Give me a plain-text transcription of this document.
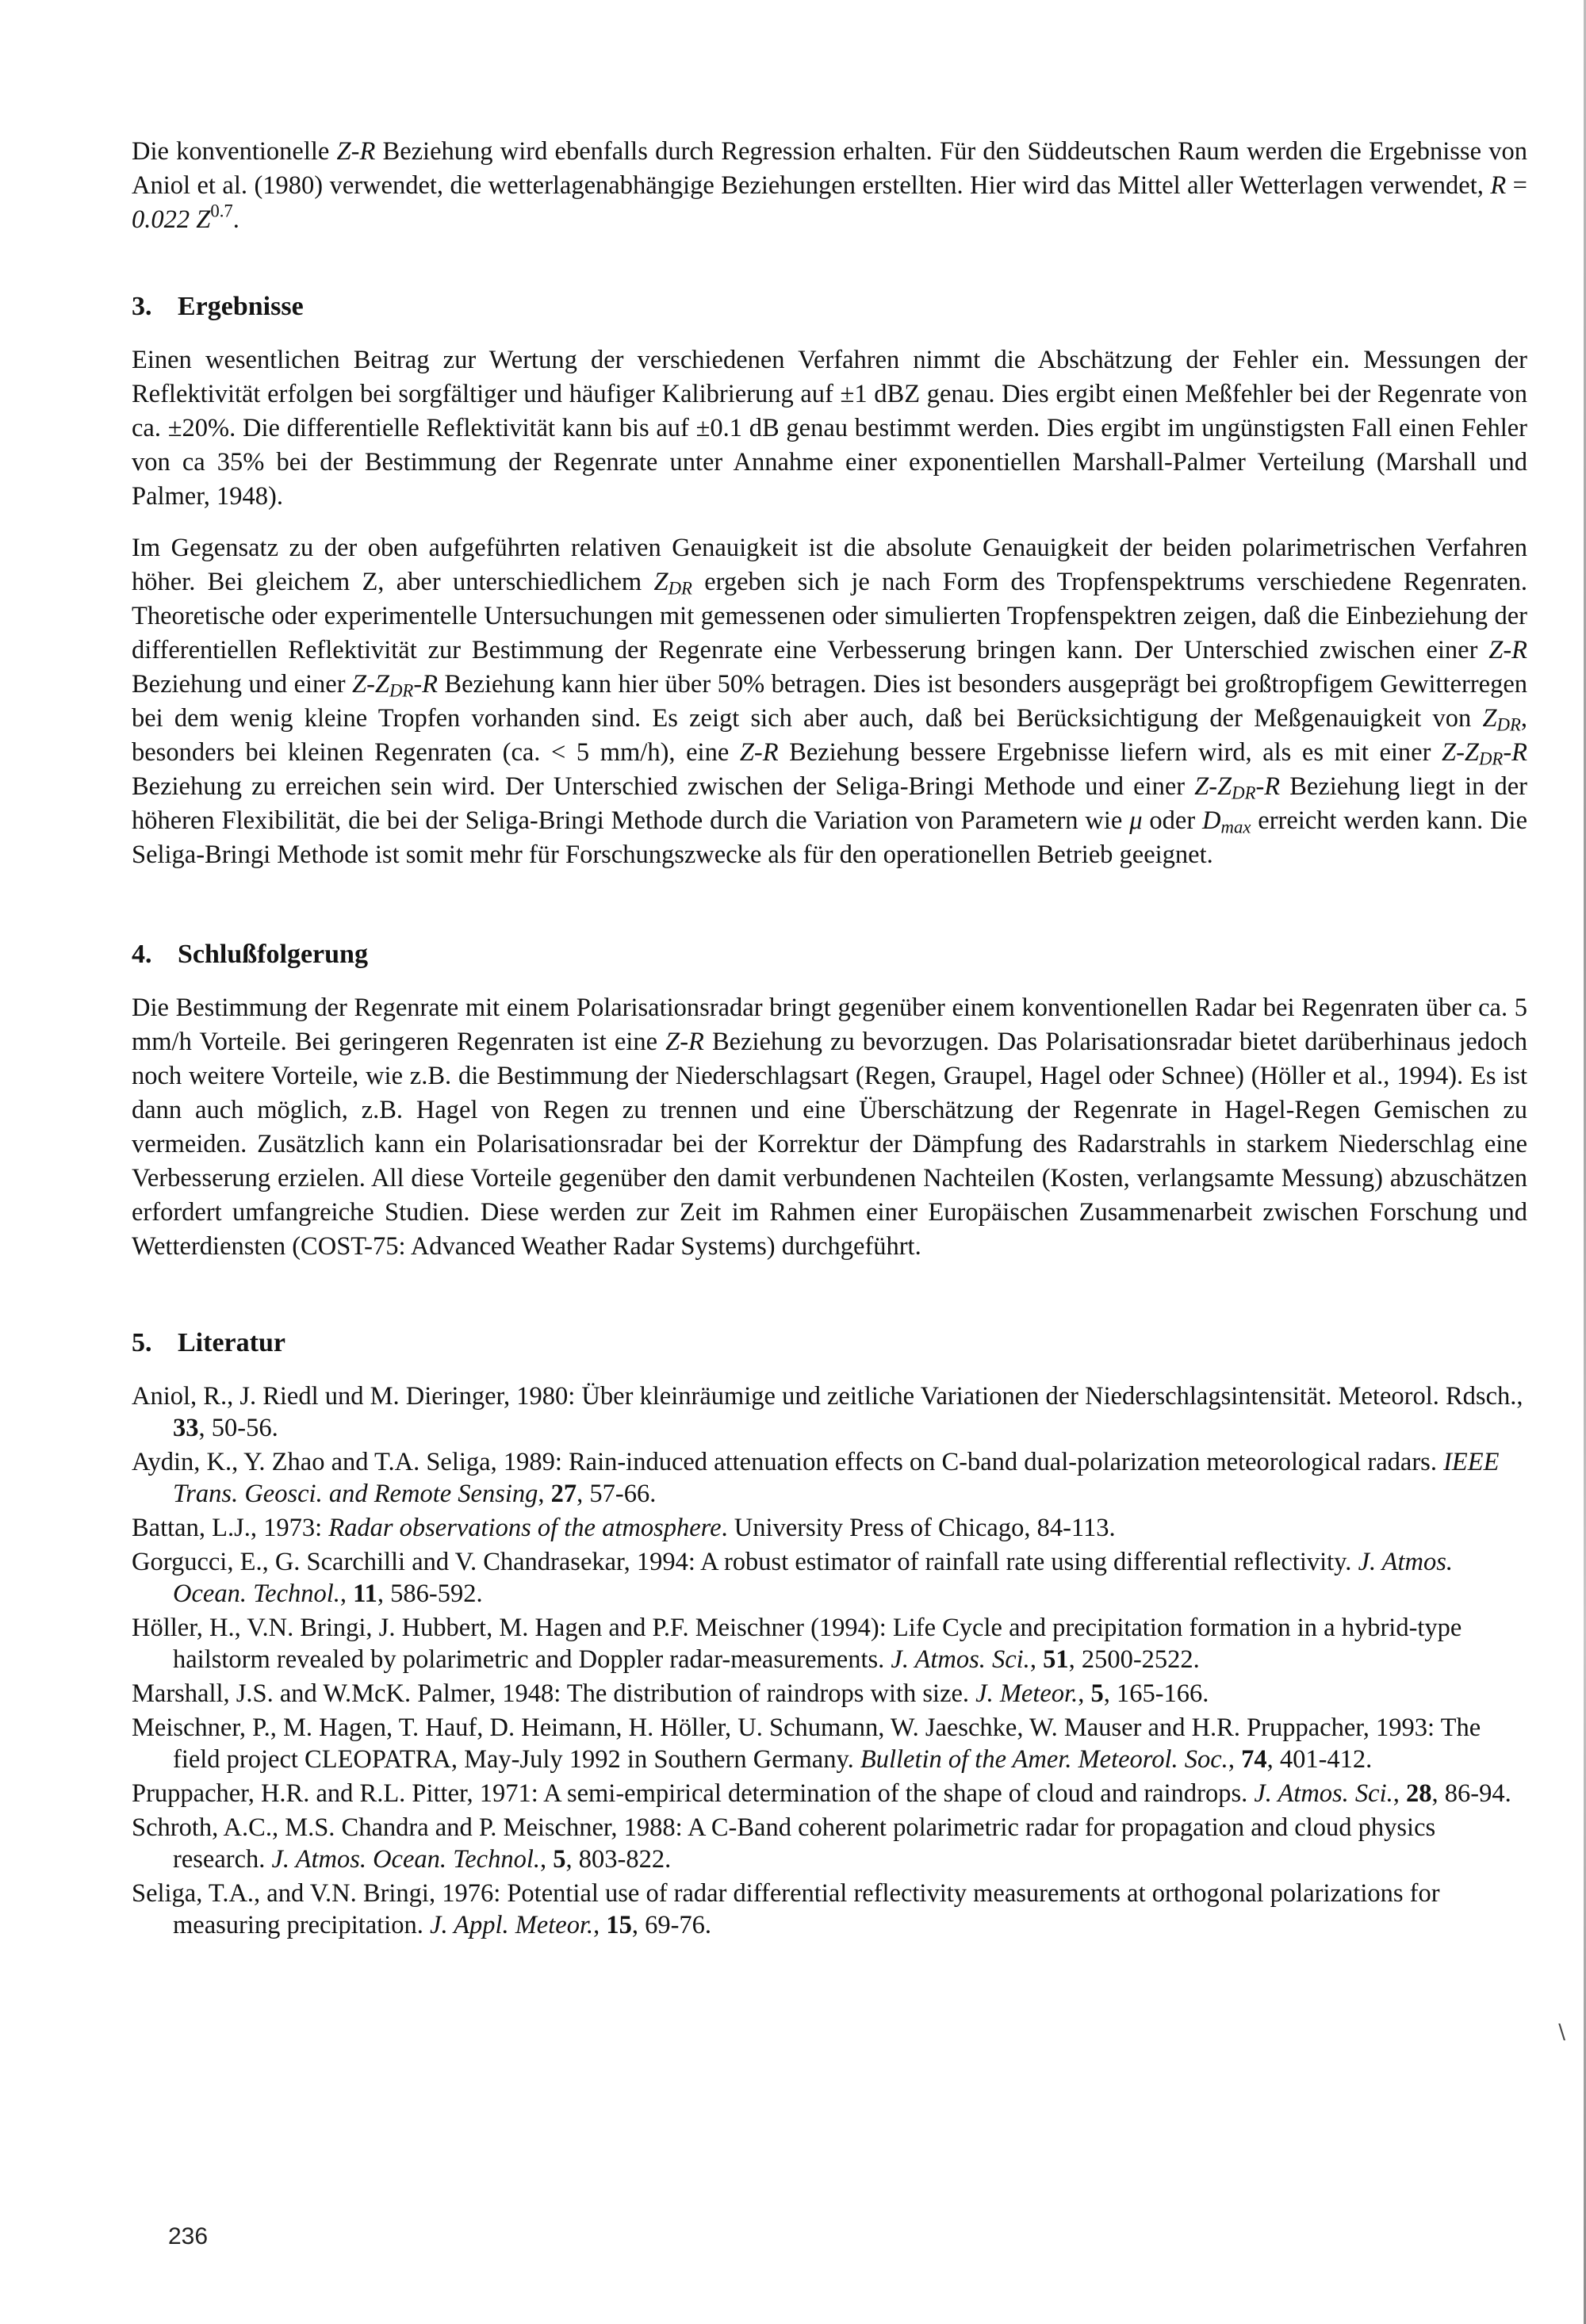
Die konventionelle Z-R Beziehung wird ebenfalls durch Regression erhalten. Für den Süddeutschen Raum werden die Ergebnisse von Aniol et al. (1980) verwendet, die wetterlagenabhängige Beziehungen erstellten. Hier wird das Mittel aller Wetterlagen verwendet, R = 0.022 $Z^{0.7}$.

3. Ergebnisse

Einen wesentlichen Beitrag zur Wertung der verschiedenen Verfahren nimmt die Abschätzung der Fehler ein. Messungen der Reflektivität erfolgen bei sorgfältiger und häufiger Kalibrierung auf ±1 dBZ genau. Dies ergibt einen Meßfehler bei der Regenrate von ca. ±20%. Die differentielle Reflektivität kann bis auf ±0.1 dB genau bestimmt werden. Dies ergibt im ungünstigsten Fall einen Fehler von ca 35% bei der Bestimmung der Regenrate unter Annahme einer exponentiellen Marshall-Palmer Verteilung (Marshall und Palmer, 1948).

Im Gegensatz zu der oben aufgeführten relativen Genauigkeit ist die absolute Genauigkeit der beiden polarimetrischen Verfahren höher. Bei gleichem Z, aber unterschiedlichem $Z_{DR}$ ergeben sich je nach Form des Tropfenspektrums verschiedene Regenraten. Theoretische oder experimentelle Untersuchungen mit gemessenen oder simulierten Tropfenspektren zeigen, daß die Einbeziehung der differentiellen Reflektivität zur Bestimmung der Regenrate eine Verbesserung bringen kann. Der Unterschied zwischen einer Z-R Beziehung und einer $Z-Z_{DR}-R$ Beziehung kann hier über 50% betragen. Dies ist besonders ausgeprägt bei großtropfigem Gewitterregen bei dem wenig kleine Tropfen vorhanden sind. Es zeigt sich aber auch, daß bei Berücksichtigung der Meßgenauigkeit von $Z_{DR}$, besonders bei kleinen Regenraten (ca. < 5 mm/h), eine Z-R Beziehung bessere Ergebnisse liefern wird, als es mit einer $Z-Z_{DR}-R$ Beziehung zu erreichen sein wird. Der Unterschied zwischen der Seliga-Bringi Methode und einer $Z-Z_{DR}-R$ Beziehung liegt in der höheren Flexibilität, die bei der Seliga-Bringi Methode durch die Variation von Parametern wie μ oder $D_{max}$ erreicht werden kann. Die Seliga-Bringi Methode ist somit mehr für Forschungszwecke als für den operationellen Betrieb geeignet.

4. Schlußfolgerung

Die Bestimmung der Regenrate mit einem Polarisationsradar bringt gegenüber einem konventionellen Radar bei Regenraten über ca. 5 mm/h Vorteile. Bei geringeren Regenraten ist eine Z-R Beziehung zu bevorzugen. Das Polarisationsradar bietet darüberhinaus jedoch noch weitere Vorteile, wie z.B. die Bestimmung der Niederschlagsart (Regen, Graupel, Hagel oder Schnee) (Höller et al., 1994). Es ist dann auch möglich, z.B. Hagel von Regen zu trennen und eine Überschätzung der Regenrate in Hagel-Regen Gemischen zu vermeiden. Zusätzlich kann ein Polarisationsradar bei der Korrektur der Dämpfung des Radarstrahls in starkem Niederschlag eine Verbesserung erzielen. All diese Vorteile gegenüber den damit verbundenen Nachteilen (Kosten, verlangsamte Messung) abzuschätzen erfordert umfangreiche Studien. Diese werden zur Zeit im Rahmen einer Europäischen Zusammenarbeit zwischen Forschung und Wetterdiensten (COST-75: Advanced Weather Radar Systems) durchgeführt.

5. Literatur

Aniol, R., J. Riedl und M. Dieringer, 1980: Über kleinräumige und zeitliche Variationen der Niederschlagsintensität. Meteorol. Rdsch., 33, 50-56.

Aydin, K., Y. Zhao and T.A. Seliga, 1989: Rain-induced attenuation effects on C-band dual-polarization meteorological radars. IEEE Trans. Geosci. and Remote Sensing, 27, 57-66.

Battan, L.J., 1973: Radar observations of the atmosphere. University Press of Chicago, 84-113.

Gorgucci, E., G. Scarchilli and V. Chandrasekar, 1994: A robust estimator of rainfall rate using differential reflectivity. J. Atmos. Ocean. Technol., 11, 586-592.

Höller, H., V.N. Bringi, J. Hubbert, M. Hagen and P.F. Meischner (1994): Life Cycle and precipitation formation in a hybrid-type hailstorm revealed by polarimetric and Doppler radar-measurements. J. Atmos. Sci., 51, 2500-2522.

Marshall, J.S. and W.McK. Palmer, 1948: The distribution of raindrops with size. J. Meteor., 5, 165-166.

Meischner, P., M. Hagen, T. Hauf, D. Heimann, H. Höller, U. Schumann, W. Jaeschke, W. Mauser and H.R. Pruppacher, 1993: The field project CLEOPATRA, May-July 1992 in Southern Germany. Bulletin of the Amer. Meteorol. Soc., 74, 401-412.

Pruppacher, H.R. and R.L. Pitter, 1971: A semi-empirical determination of the shape of cloud and raindrops. J. Atmos. Sci., 28, 86-94.

Schroth, A.C., M.S. Chandra and P. Meischner, 1988: A C-Band coherent polarimetric radar for propagation and cloud physics research. J. Atmos. Ocean. Technol., 5, 803-822.

Seliga, T.A., and V.N. Bringi, 1976: Potential use of radar differential reflectivity measurements at orthogonal polarizations for measuring precipitation. J. Appl. Meteor., 15, 69-76.

236
\
